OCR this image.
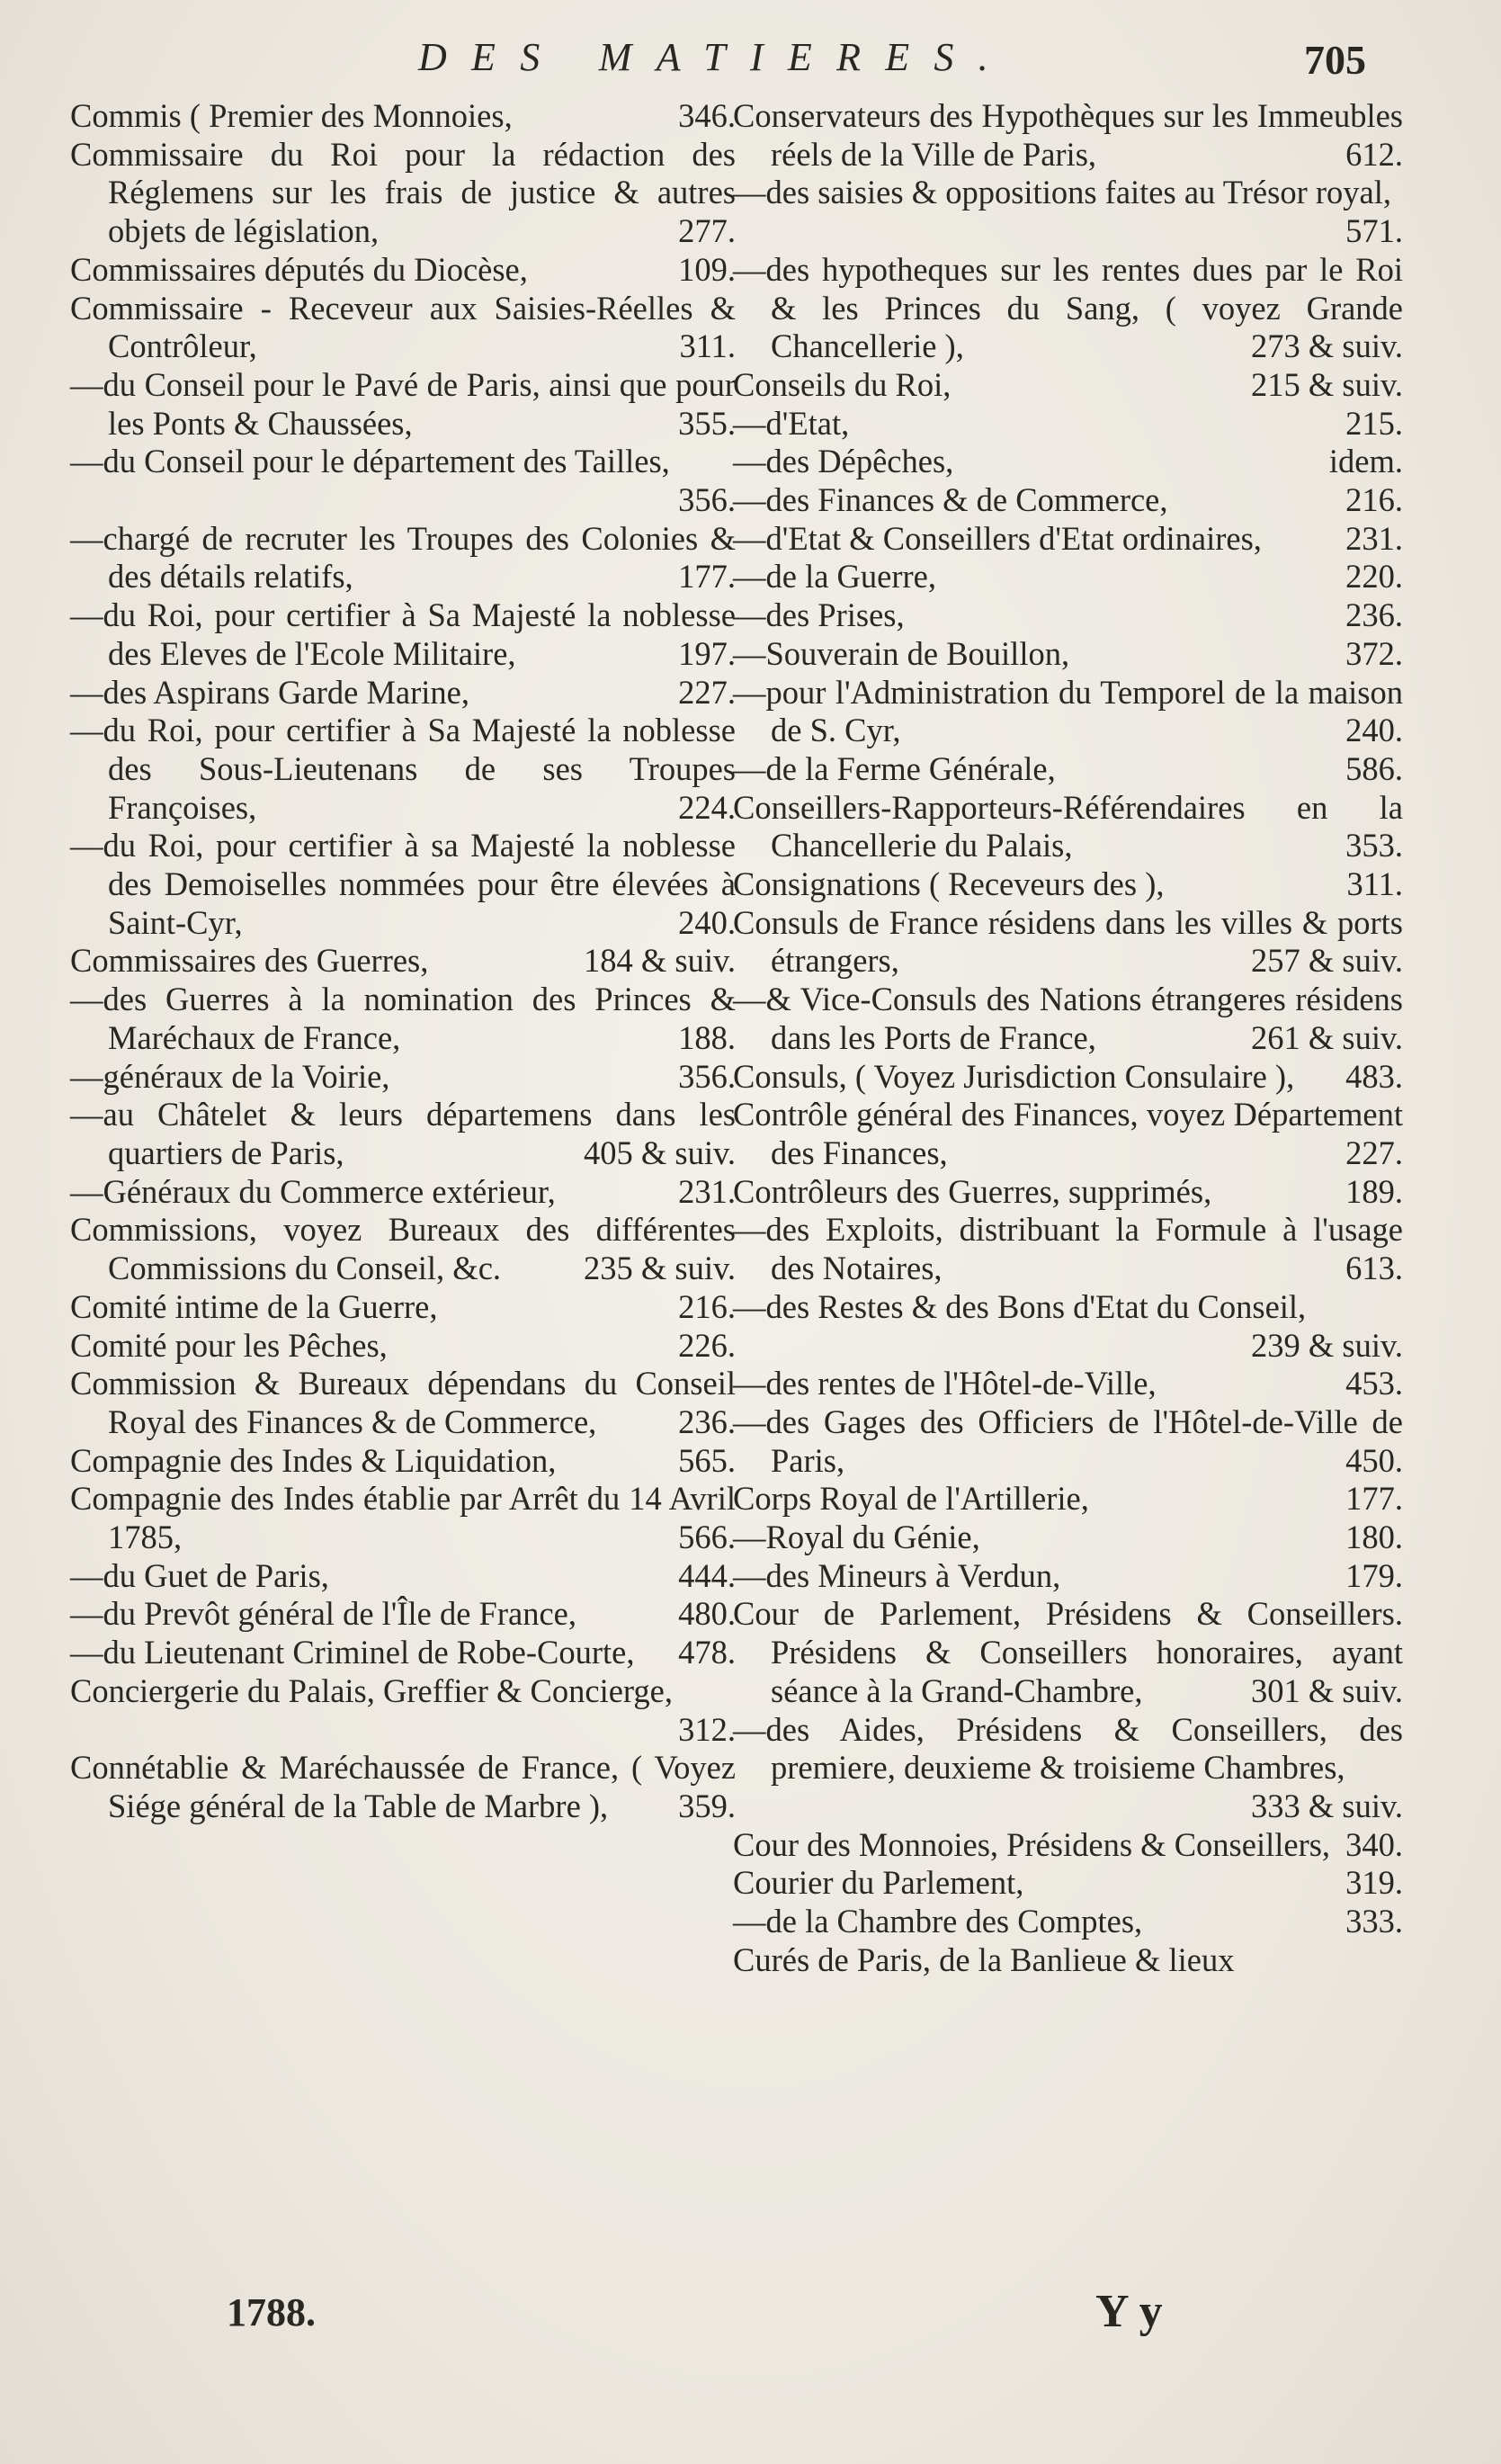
DES MATIERES.	705
Commis ( Premier des Monnoies,	346.
Commissaire du Roi pour la rédaction des Réglemens sur les frais de justice & autres objets de législation,	277.
Commissaires députés du Diocèse,	109.
Commissaire - Receveur aux Saisies-Réelles & Contrôleur,	311.
—du Conseil pour le Pavé de Paris, ainsi que pour les Ponts & Chaussées,	355.
—du Conseil pour le département des Tailles,
356.
—chargé de recruter les Troupes des Colonies & des détails relatifs,	177.
—du Roi, pour certifier à Sa Majesté la noblesse des Eleves de l'Ecole Militaire,	197.
—des Aspirans Garde Marine,	227.
—du Roi, pour certifier à Sa Majesté la noblesse des Sous-Lieutenans de ses Troupes Françoises,	224.
—du Roi, pour certifier à sa Majesté la noblesse des Demoiselles nommées pour être élevées à Saint-Cyr,	240.
Commissaires des Guerres,	184 & suiv.
—des Guerres à la nomination des Princes & Maréchaux de France,	188.
—généraux de la Voirie,	356.
—au Châtelet & leurs départemens dans les quartiers de Paris,	405 & suiv.
—Généraux du Commerce extérieur,	231.
Commissions, voyez Bureaux des différentes Commissions du Conseil, &c.	235 & suiv.
Comité intime de la Guerre,	216.
Comité pour les Pêches,	226.
Commission & Bureaux dépendans du Conseil Royal des Finances & de Commerce,	236.
Compagnie des Indes & Liquidation,	565.
Compagnie des Indes établie par Arrêt du 14 Avril 1785,	566.
—du Guet de Paris,	444.
—du Prevôt général de l'Île de France,	480.
—du Lieutenant Criminel de Robe-Courte,	478.
Conciergerie du Palais, Greffier & Concierge,
312.
Connétablie & Maréchaussée de France, ( Voyez Siége général de la Table de Marbre ),	359.
Conservateurs des Hypothèques sur les Immeubles réels de la Ville de Paris,	612.
—des saisies & oppositions faites au Trésor royal,
571.
—des hypotheques sur les rentes dues par le Roi & les Princes du Sang, ( voyez Grande Chancellerie ),	273 & suiv.
Conseils du Roi,	215 & suiv.
—d'Etat,	215.
—des Dépêches,	idem.
—des Finances & de Commerce,	216.
—d'Etat & Conseillers d'Etat ordinaires,	231.
—de la Guerre,	220.
—des Prises,	236.
—Souverain de Bouillon,	372.
—pour l'Administration du Temporel de la maison de S. Cyr,	240.
—de la Ferme Générale,	586.
Conseillers-Rapporteurs-Référendaires en la Chancellerie du Palais,	353.
Consignations ( Receveurs des ),	311.
Consuls de France résidens dans les villes & ports étrangers,	257 & suiv.
—& Vice-Consuls des Nations étrangeres résidens dans les Ports de France,	261 & suiv.
Consuls, ( Voyez Jurisdiction Consulaire ),	483.
Contrôle général des Finances, voyez Département des Finances,	227.
Contrôleurs des Guerres, supprimés,	189.
—des Exploits, distribuant la Formule à l'usage des Notaires,	613.
—des Restes & des Bons d'Etat du Conseil,
239 & suiv.
—des rentes de l'Hôtel-de-Ville,	453.
—des Gages des Officiers de l'Hôtel-de-Ville de Paris,	450.
Corps Royal de l'Artillerie,	177.
—Royal du Génie,	180.
—des Mineurs à Verdun,	179.
Cour de Parlement, Présidens & Conseillers. Présidens & Conseillers honoraires, ayant séance à la Grand-Chambre,	301 & suiv.
—des Aides, Présidens & Conseillers, des premiere, deuxieme & troisieme Chambres,
333 & suiv.
Cour des Monnoies, Présidens & Conseillers, 340.
Courier du Parlement,	319.
—de la Chambre des Comptes,	333.
Curés de Paris, de la Banlieue & lieux
1788.	Y y
